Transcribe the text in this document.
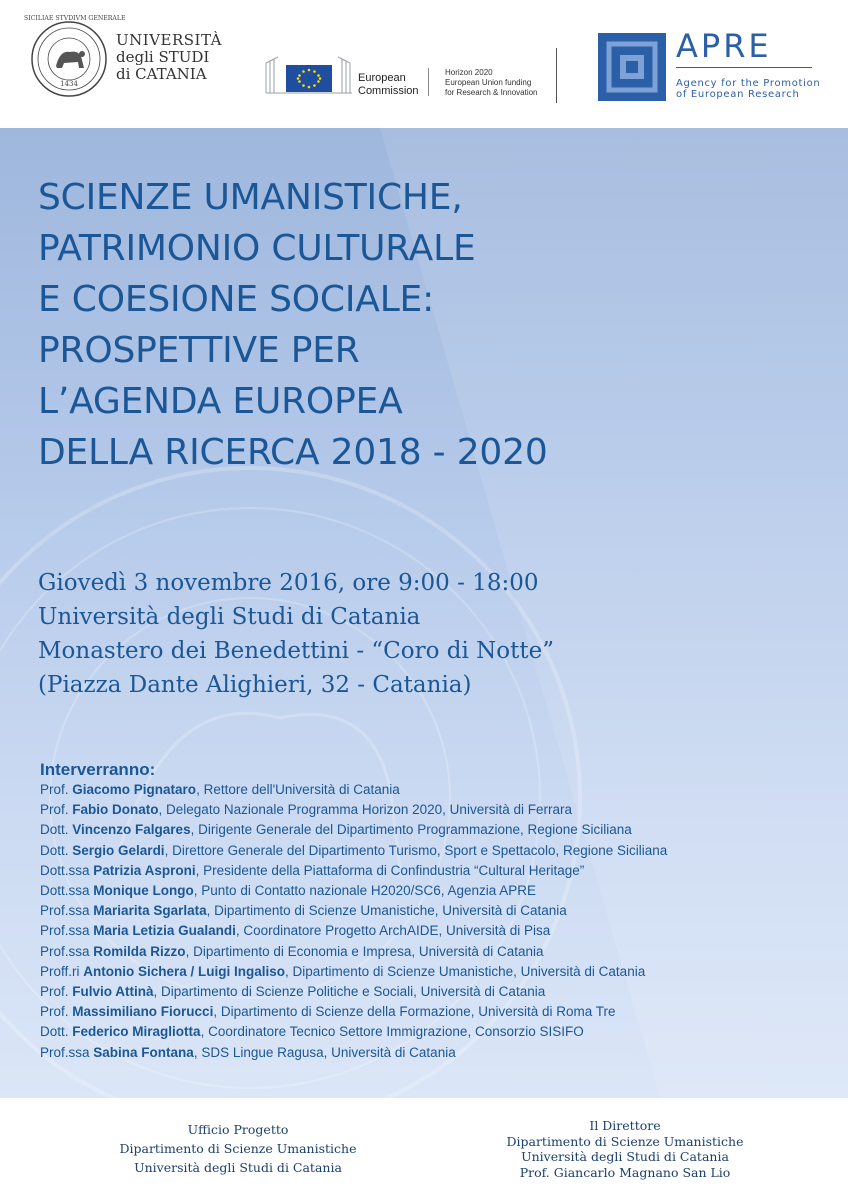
SICILIAE STVDIVM GENERALE
1434
UNIVERSITÀ
degli STUDI
di CATANIA	European
Commission
Horizon 2020
European Union funding
for Research & Innovation
APRE
Agency for the Promotion
of European Research
SCIENZE UMANISTICHE,
PATRIMONIO CULTURALE
E COESIONE SOCIALE:
PROSPETTIVE PER
L’AGENDA EUROPEA
DELLA RICERCA 2018 - 2020
Giovedì 3 novembre 2016, ore 9:00 - 18:00
Università degli Studi di Catania
Monastero dei Benedettini - “Coro di Notte”
(Piazza Dante Alighieri, 32 - Catania)
Interverranno:
Prof. Giacomo Pignataro, Rettore dell'Università di Catania
Prof. Fabio Donato, Delegato Nazionale Programma Horizon 2020, Università di Ferrara
Dott. Vincenzo Falgares, Dirigente Generale del Dipartimento Programmazione, Regione Siciliana
Dott. Sergio Gelardi, Direttore Generale del Dipartimento Turismo, Sport e Spettacolo, Regione Siciliana
Dott.ssa Patrizia Asproni, Presidente della Piattaforma di Confindustria “Cultural Heritage”
Dott.ssa Monique Longo, Punto di Contatto nazionale H2020/SC6, Agenzia APRE
Prof.ssa Mariarita Sgarlata, Dipartimento di Scienze Umanistiche, Università di Catania
Prof.ssa Maria Letizia Gualandi, Coordinatore Progetto ArchAIDE, Università di Pisa
Prof.ssa Romilda Rizzo, Dipartimento di Economia e Impresa, Università di Catania
Proff.ri Antonio Sichera / Luigi Ingaliso, Dipartimento di Scienze Umanistiche, Università di Catania
Prof. Fulvio Attinà, Dipartimento di Scienze Politiche e Sociali, Università di Catania
Prof. Massimiliano Fiorucci, Dipartimento di Scienze della Formazione, Università di Roma Tre
Dott. Federico Miragliotta, Coordinatore Tecnico Settore Immigrazione, Consorzio SISIFO
Prof.ssa Sabina Fontana, SDS Lingue Ragusa, Università di Catania
Ufficio Progetto
Dipartimento di Scienze Umanistiche
Università degli Studi di Catania
Il Direttore
Dipartimento di Scienze Umanistiche
Università degli Studi di Catania
Prof. Giancarlo Magnano San Lio
